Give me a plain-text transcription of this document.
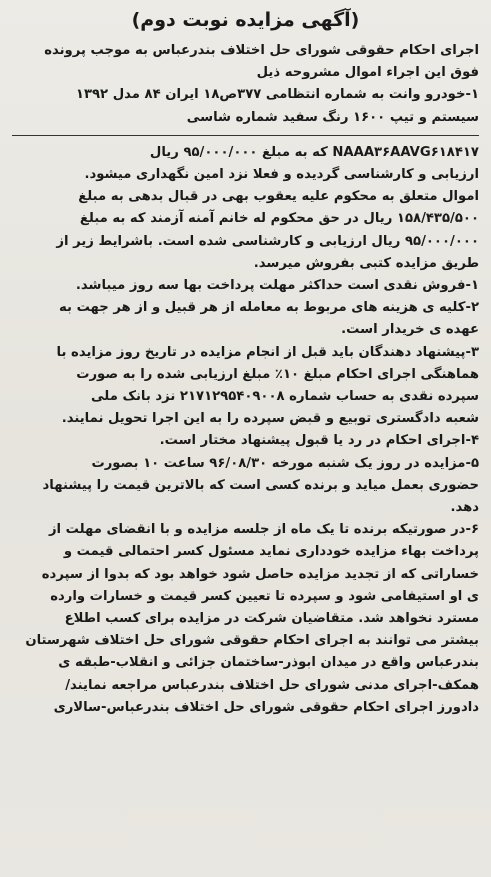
(آگهی مزایده نوبت دوم)
اجرای احکام حقوقی شورای حل اختلاف بندرعباس به موجب پرونده
فوق این اجراء اموال مشروحه ذیل
۱-خودرو وانت به شماره انتظامی ۳۷۷ص۱۸ ایران ۸۴ مدل ۱۳۹۲
سیستم و تیپ ۱۶۰۰ رنگ سفید شماره شاسی
NAAA۳۶AAVG۶۱۸۴۱۷ که به مبلغ ۹۵/۰۰۰/۰۰۰ ریال
ارزیابی و کارشناسی گردیده و فعلا نزد امین نگهداری میشود.
اموال متعلق به محکوم علیه یعقوب بهی در قبال بدهی به مبلغ
۱۵۸/۴۳۵/۵۰۰ ریال در حق محکوم له خانم آمنه آزمند که به مبلغ
۹۵/۰۰۰/۰۰۰ ریال ارزیابی و کارشناسی شده است. باشرایط زیر از
طریق مزایده کتبی بفروش میرسد.
۱-فروش نقدی است حداکثر مهلت پرداخت بها سه روز میباشد.
۲-کلیه ی هزینه های مربوط به معامله از هر قبیل و از هر جهت به
عهده ی خریدار است.
۳-پیشنهاد دهندگان باید قبل از انجام مزایده در تاریخ روز مزایده با
هماهنگی اجرای احکام مبلغ ۱۰٪ مبلغ ارزیابی شده را به صورت
سپرده نقدی به حساب شماره ۲۱۷۱۲۹۵۴۰۹۰۰۸ نزد بانک ملی
شعبه دادگستری توبیع و قبض سپرده را به این اجرا تحویل نمایند.
۴-اجرای احکام در رد یا قبول پیشنهاد مختار است.
۵-مزایده در روز یک شنبه مورخه ۹۶/۰۸/۳۰ ساعت ۱۰ بصورت
حضوری بعمل میاید و برنده کسی است که بالاترین قیمت را پیشنهاد
دهد.
۶-در صورتیکه برنده تا یک ماه از جلسه مزایده و با انقضای مهلت از
پرداخت بهاء مزایده خودداری نماید مسئول کسر احتمالی قیمت و
خساراتی که از تجدید مزایده حاصل شود خواهد بود که بدوا از سپرده
ی او استیفامی شود و سپرده تا تعیین کسر قیمت و خسارات وارده
مسترد نخواهد شد. متقاضیان شرکت در مزایده برای کسب اطلاع
بیشتر می توانند به اجرای احکام حقوقی شورای حل اختلاف شهرستان
بندرعباس واقع در میدان ابوذر-ساختمان جزائی و انقلاب-طبقه ی
همکف-اجرای مدنی شورای حل اختلاف بندرعباس مراجعه نمایند/
دادورز اجرای احکام حقوقی شورای حل اختلاف بندرعباس-سالاری
